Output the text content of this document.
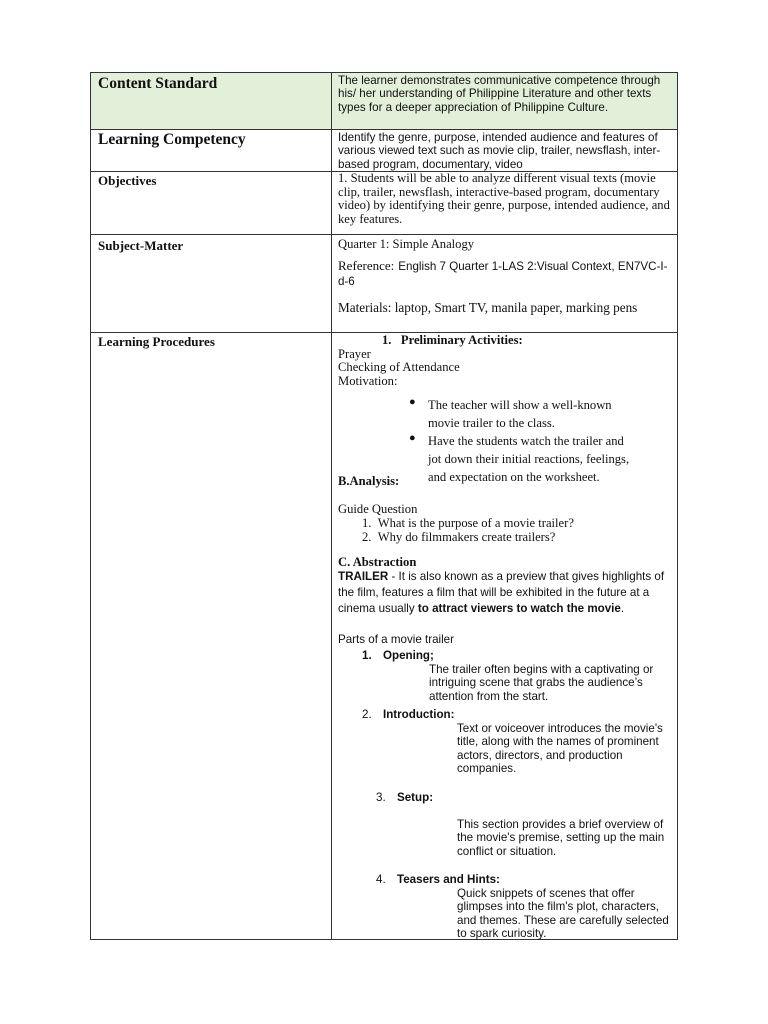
Content Standard	The learner demonstrates communicative competence through his/ her understanding of Philippine Literature and other texts types for a deeper appreciation of Philippine Culture.
Learning Competency	Identify the genre, purpose, intended audience and features of various viewed text such as movie clip, trailer, newsflash, inter-based program, documentary, video
Objectives	1. Students will be able to analyze different visual texts (movie clip, trailer, newsflash, interactive-based program, documentary video) by identifying their genre, purpose, intended audience, and key features.
Subject-Matter	Quarter 1: Simple Analogy
Reference: English 7 Quarter 1-LAS 2:Visual Context, EN7VC-I-d-6
Materials: laptop, Smart TV, manila paper, marking pens
Learning Procedures	1.   Preliminary Activities:
Prayer
Checking of Attendance
Motivation:
● The teacher will show a well-known movie trailer to the class.
● Have the students watch the trailer and jot down their initial reactions, feelings, and expectation on the worksheet.
B.Analysis:
Guide Question
1.  What is the purpose of a movie trailer?
2.  Why do filmmakers create trailers?
C. Abstraction
TRAILER - It is also known as a preview that gives highlights of the film, features a film that will be exhibited in the future at a cinema usually to attract viewers to watch the movie.
Parts of a movie trailer
1. Opening;
The trailer often begins with a captivating or intriguing scene that grabs the audience’s attention from the start.
2. Introduction:
Text or voiceover introduces the movie's title, along with the names of prominent actors, directors, and production companies.
3. Setup:
This section provides a brief overview of the movie's premise, setting up the main conflict or situation.
4. Teasers and Hints:
Quick snippets of scenes that offer glimpses into the film's plot, characters, and themes. These are carefully selected to spark curiosity.
